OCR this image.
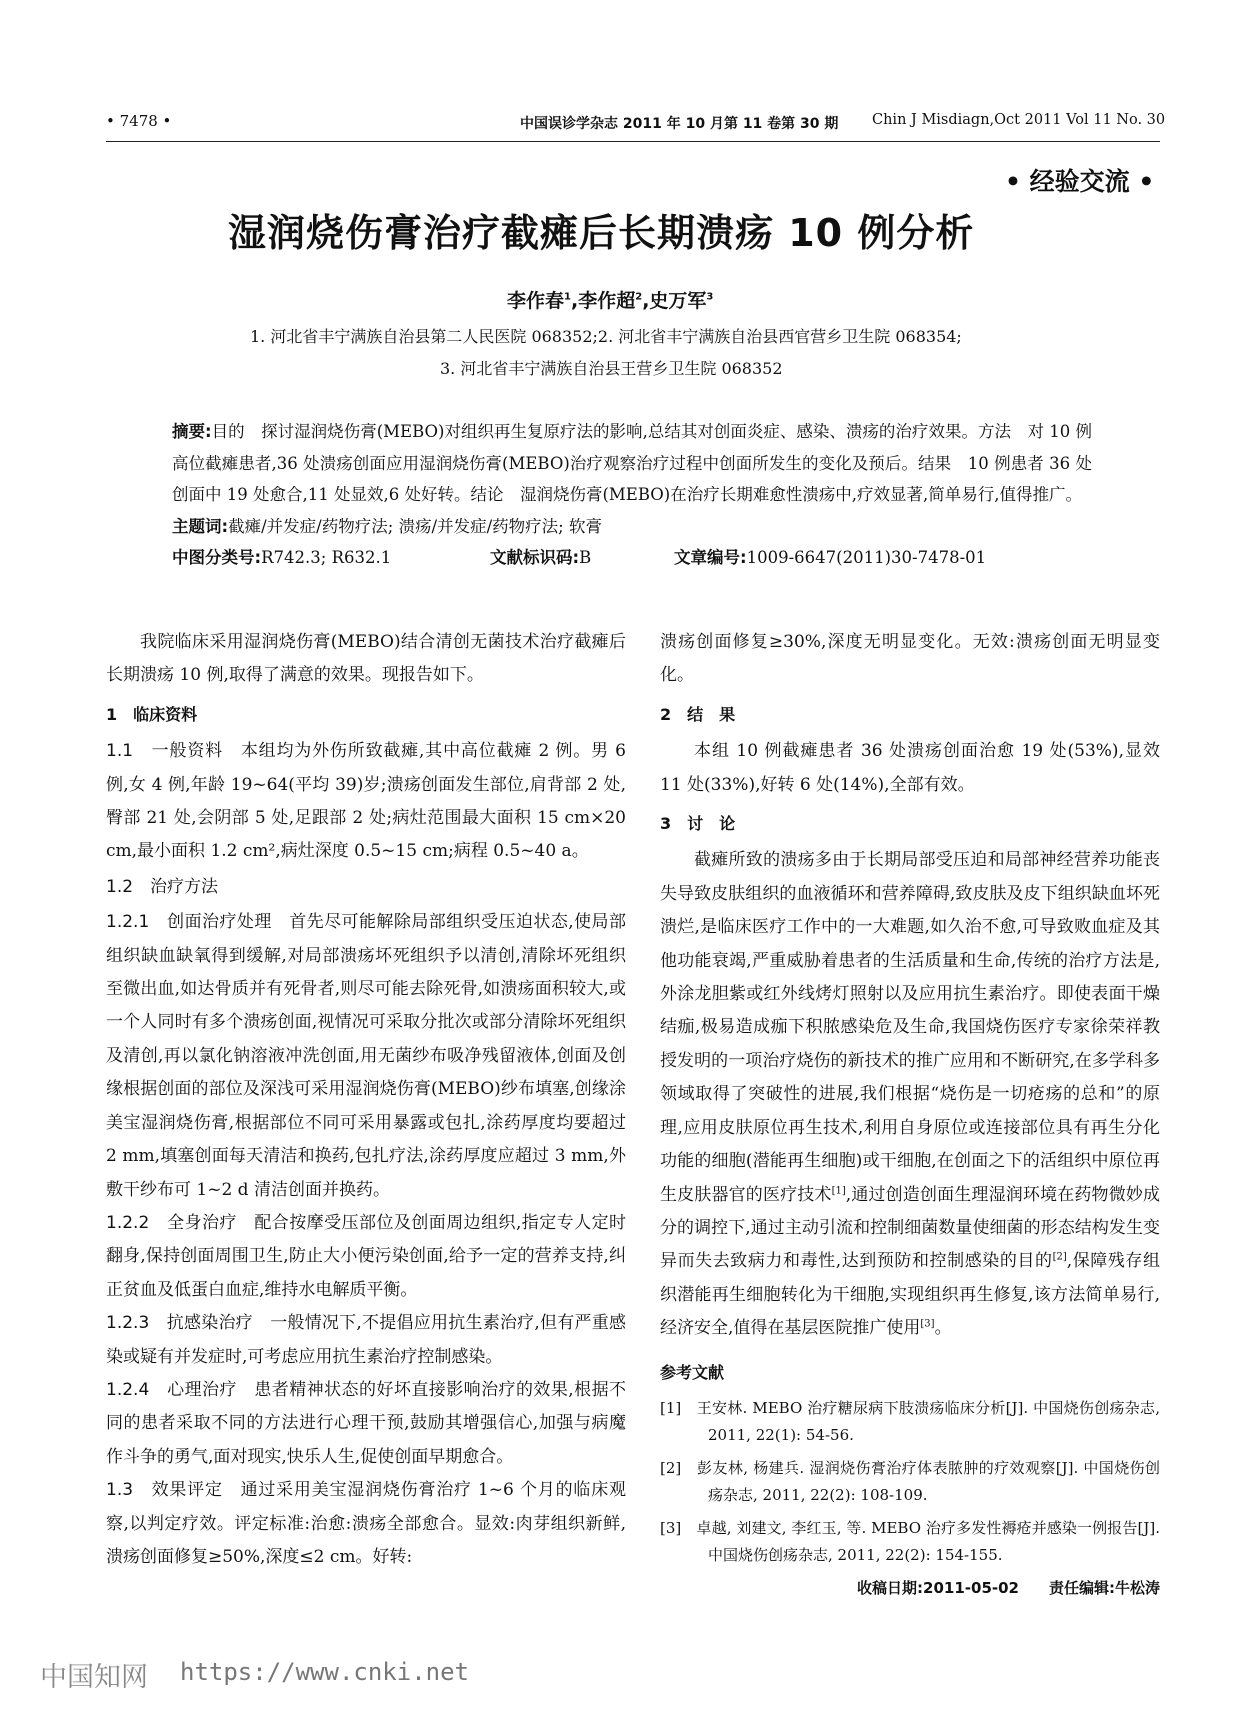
• 7478 •	中国误诊学杂志 2011 年 10 月第 11 卷第 30 期 Chin J Misdiagn,Oct 2011 Vol 11 No. 30
• 经验交流 •
湿润烧伤膏治疗截瘫后长期溃疡 10 例分析
李作春$^1$,李作超$^2$,史万军$^3$
1. 河北省丰宁满族自治县第二人民医院 068352;2. 河北省丰宁满族自治县西官营乡卫生院 068354;
3. 河北省丰宁满族自治县王营乡卫生院 068352

摘要:目的　探讨湿润烧伤膏(MEBO)对组织再生复原疗法的影响,总结其对创面炎症、感染、溃疡的治疗效果。方法　对 10 例高位截瘫患者,36 处溃疡创面应用湿润烧伤膏(MEBO)治疗观察治疗过程中创面所发生的变化及预后。结果　10 例患者 36 处创面中 19 处愈合,11 处显效,6 处好转。结论　湿润烧伤膏(MEBO)在治疗长期难愈性溃疡中,疗效显著,简单易行,值得推广。

主题词:截瘫/并发症/药物疗法; 溃疡/并发症/药物疗法; 软膏

中图分类号:R742.3; R632.1	文献标识码:B	文章编号:1009-6647(2011)30-7478-01

我院临床采用湿润烧伤膏(MEBO)结合清创无菌技术治疗截瘫后长期溃疡 10 例,取得了满意的效果。现报告如下。

1　临床资料

1.1　一般资料　 本组均为外伤所致截瘫,其中高位截瘫 2 例。男 6 例,女 4 例,年龄 19~64(平均 39)岁;溃疡创面发生部位,肩背部 2 处,臀部 21 处,会阴部 5 处,足跟部 2 处;病灶范围最大面积 15 cm×20 cm,最小面积 1.2 cm²,病灶深度 0.5~15 cm;病程 0.5~40 a。

1.2　治疗方法

1.2.1　创面治疗处理　 首先尽可能解除局部组织受压迫状态,使局部组织缺血缺氧得到缓解,对局部溃疡坏死组织予以清创,清除坏死组织至微出血,如达骨质并有死骨者,则尽可能去除死骨,如溃疡面积较大,或一个人同时有多个溃疡创面,视情况可采取分批次或部分清除坏死组织及清创,再以氯化钠溶液冲洗创面,用无菌纱布吸净残留液体,创面及创缘根据创面的部位及深浅可采用湿润烧伤膏(MEBO)纱布填塞,创缘涂美宝湿润烧伤膏,根据部位不同可采用暴露或包扎,涂药厚度均要超过 2 mm,填塞创面每天清洁和换药,包扎疗法,涂药厚度应超过 3 mm,外敷干纱布可 1~2 d 清洁创面并换药。

1.2.2　全身治疗　 配合按摩受压部位及创面周边组织,指定专人定时翻身,保持创面周围卫生,防止大小便污染创面,给予一定的营养支持,纠正贫血及低蛋白血症,维持水电解质平衡。

1.2.3　抗感染治疗　 一般情况下,不提倡应用抗生素治疗,但有严重感染或疑有并发症时,可考虑应用抗生素治疗控制感染。

1.2.4　心理治疗　 患者精神状态的好坏直接影响治疗的效果,根据不同的患者采取不同的方法进行心理干预,鼓励其增强信心,加强与病魔作斗争的勇气,面对现实,快乐人生,促使创面早期愈合。

1.3　效果评定　 通过采用美宝湿润烧伤膏治疗 1~6 个月的临床观察,以判定疗效。评定标准:治愈:溃疡全部愈合。显效:肉芽组织新鲜,溃疡创面修复≥50%,深度≤2 cm。好转:

溃疡创面修复≥30%,深度无明显变化。无效:溃疡创面无明显变化。

2　结　果

本组 10 例截瘫患者 36 处溃疡创面治愈 19 处(53%),显效 11 处(33%),好转 6 处(14%),全部有效。

3　讨　论

截瘫所致的溃疡多由于长期局部受压迫和局部神经营养功能丧失导致皮肤组织的血液循环和营养障碍,致皮肤及皮下组织缺血坏死溃烂,是临床医疗工作中的一大难题,如久治不愈,可导致败血症及其他功能衰竭,严重威胁着患者的生活质量和生命,传统的治疗方法是,外涂龙胆紫或红外线烤灯照射以及应用抗生素治疗。即使表面干燥结痂,极易造成痂下积脓感染危及生命,我国烧伤医疗专家徐荣祥教授发明的一项治疗烧伤的新技术的推广应用和不断研究,在多学科多领域取得了突破性的进展,我们根据“烧伤是一切疮疡的总和”的原理,应用皮肤原位再生技术,利用自身原位或连接部位具有再生分化功能的细胞(潜能再生细胞)或干细胞,在创面之下的活组织中原位再生皮肤器官的医疗技术[1],通过创造创面生理湿润环境在药物微妙成分的调控下,通过主动引流和控制细菌数量使细菌的形态结构发生变异而失去致病力和毒性,达到预防和控制感染的目的[2],保障残存组织潜能再生细胞转化为干细胞,实现组织再生修复,该方法简单易行,经济安全,值得在基层医院推广使用[3]。

参考文献

[1]　王安林. MEBO 治疗糖尿病下肢溃疡临床分析[J]. 中国烧伤创疡杂志, 2011, 22(1): 54-56.

[2]　彭友林, 杨建兵. 湿润烧伤膏治疗体表脓肿的疗效观察[J]. 中国烧伤创疡杂志, 2011, 22(2): 108-109.

[3]　卓越, 刘建文, 李红玉, 等. MEBO 治疗多发性褥疮并感染一例报告[J]. 中国烧伤创疡杂志, 2011, 22(2): 154-155.

收稿日期:2011-05-02　　 责任编辑:牛松涛

中国知网 https://www.cnki.net
